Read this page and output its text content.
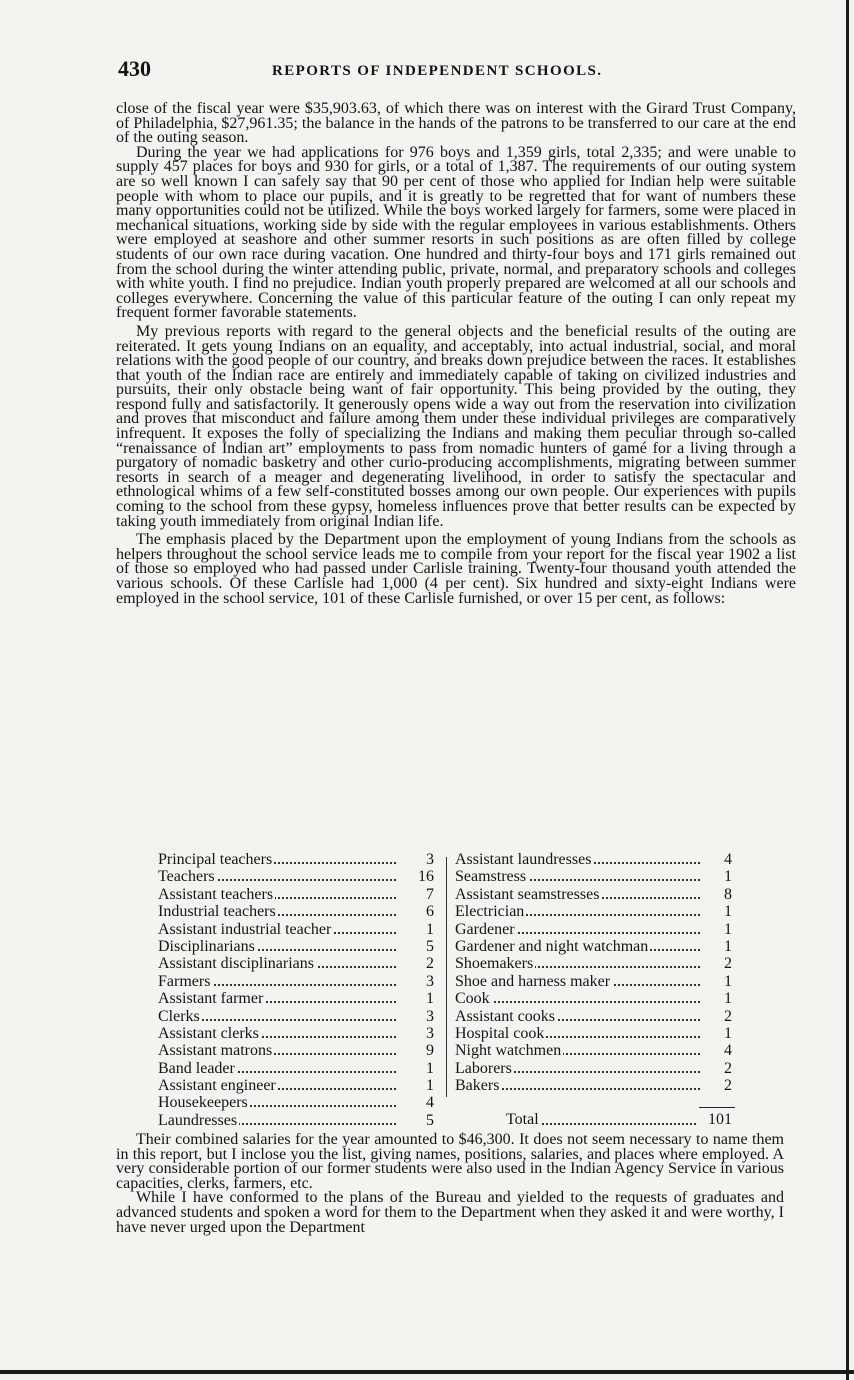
430	REPORTS OF INDEPENDENT SCHOOLS.

close of the fiscal year were $35,903.63, of which there was on interest with the Girard Trust Company, of Philadelphia, $27,961.35; the balance in the hands of the patrons to be transferred to our care at the end of the outing season.

During the year we had applications for 976 boys and 1,359 girls, total 2,335; and were unable to supply 457 places for boys and 930 for girls, or a total of 1,387. The requirements of our outing system are so well known I can safely say that 90 per cent of those who applied for Indian help were suitable people with whom to place our pupils, and it is greatly to be regretted that for want of numbers these many opportunities could not be utilized. While the boys worked largely for farmers, some were placed in mechanical situations, working side by side with the regular employees in various establishments. Others were employed at seashore and other summer resorts in such positions as are often filled by college students of our own race during vacation. One hundred and thirty-four boys and 171 girls remained out from the school during the winter attending public, private, normal, and preparatory schools and colleges with white youth. I find no prejudice. Indian youth properly prepared are welcomed at all our schools and colleges everywhere. Concerning the value of this particular feature of the outing I can only repeat my frequent former favorable statements.

My previous reports with regard to the general objects and the beneficial results of the outing are reiterated. It gets young Indians on an equality, and acceptably, into actual industrial, social, and moral relations with the good people of our country, and breaks down prejudice between the races. It establishes that youth of the Indian race are entirely and immediately capable of taking on civilized industries and pursuits, their only obstacle being want of fair opportunity. This being provided by the outing, they respond fully and satisfactorily. It generously opens wide a way out from the reservation into civilization and proves that misconduct and failure among them under these individual privileges are comparatively infrequent. It exposes the folly of specializing the Indians and making them peculiar through so-called “renaissance of Indian art” employments to pass from nomadic hunters of gamé for a living through a purgatory of nomadic basketry and other curio-producing accomplishments, migrating between summer resorts in search of a meager and degenerating livelihood, in order to satisfy the spectacular and ethnological whims of a few self-constituted bosses among our own people. Our experiences with pupils coming to the school from these gypsy, homeless influences prove that better results can be expected by taking youth immediately from original Indian life.

The emphasis placed by the Department upon the employment of young Indians from the schools as helpers throughout the school service leads me to compile from your report for the fiscal year 1902 a list of those so employed who had passed under Carlisle training. Twenty-four thousand youth attended the various schools. Of these Carlisle had 1,000 (4 per cent). Six hundred and sixty-eight Indians were employed in the school service, 101 of these Carlisle furnished, or over 15 per cent, as follows:

Principal teachers	3
Teachers	16
Assistant teachers	7
Industrial teachers	6
Assistant industrial teacher	1
Disciplinarians	5
Assistant disciplinarians	2
Farmers	3
Assistant farmer	1
Clerks	3
Assistant clerks	3
Assistant matrons	9
Band leader	1
Assistant engineer	1
Housekeepers	4
Laundresses	5
Assistant laundresses	4
Seamstress	1
Assistant seamstresses	8
Electrician	1
Gardener	1
Gardener and night watchman	1
Shoemakers	2
Shoe and harness maker	1
Cook	1
Assistant cooks	2
Hospital cook	1
Night watchmen	4
Laborers	2
Bakers	2
Total	101

Their combined salaries for the year amounted to $46,300. It does not seem necessary to name them in this report, but I inclose you the list, giving names, positions, salaries, and places where employed. A very considerable portion of our former students were also used in the Indian Agency Service in various capacities, clerks, farmers, etc.

While I have conformed to the plans of the Bureau and yielded to the requests of graduates and advanced students and spoken a word for them to the Department when they asked it and were worthy, I have never urged upon the Department
